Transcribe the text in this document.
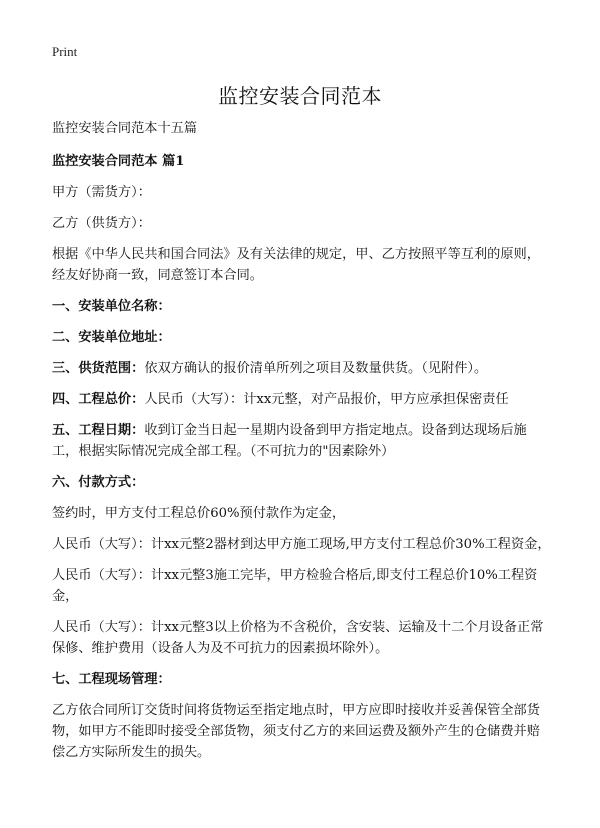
Print
监控安装合同范本

监控安装合同范本十五篇

监控安装合同范本 篇1

甲方（需货方）：

乙方（供货方）：

根据《中华人民共和国合同法》及有关法律的规定，甲、乙方按照平等互利的原则，经友好协商一致，同意签订本合同。

一、安装单位名称：

二、安装单位地址：

三、供货范围：依双方确认的报价清单所列之项目及数量供货。（见附件）。

四、工程总价：人民币（大写）：计xx元整，对产品报价，甲方应承担保密责任

五、工程日期：收到订金当日起一星期内设备到甲方指定地点。设备到达现场后施工，根据实际情况完成全部工程。（不可抗力的"因素除外）

六、付款方式：

签约时，甲方支付工程总价60%预付款作为定金，

人民币（大写）：计xx元整2器材到达甲方施工现场,甲方支付工程总价30%工程资金，

人民币（大写）：计xx元整3施工完毕，甲方检验合格后,即支付工程总价10%工程资金，

人民币（大写）：计xx元整3以上价格为不含税价，含安装、运输及十二个月设备正常保修、维护费用（设备人为及不可抗力的因素损坏除外）。

七、工程现场管理：

乙方依合同所订交货时间将货物运至指定地点时，甲方应即时接收并妥善保管全部货物，如甲方不能即时接受全部货物，须支付乙方的来回运费及额外产生的仓储费并赔偿乙方实际所发生的损失。
